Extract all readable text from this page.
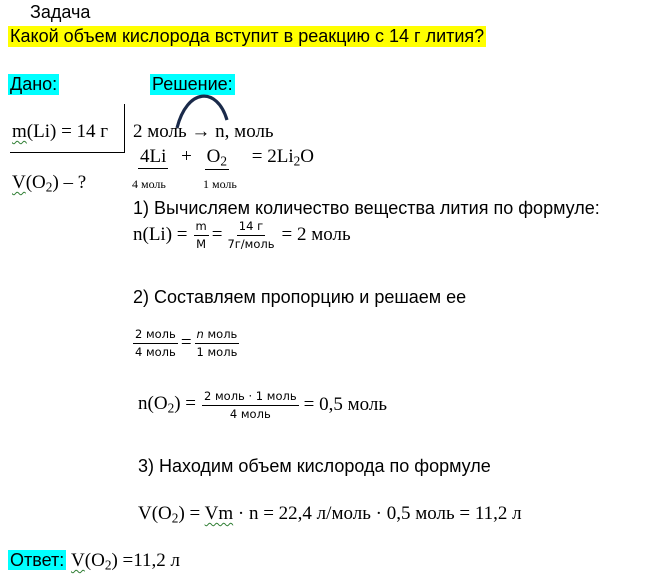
Задача
Какой объем кислорода вступит в реакцию с 14 г лития?
Дано:	Решение:
m(Li) = 14 г
$V(O_2)$ – ?
2 моль → n, моль
$4Li + O_2 = 2Li_2O$
4 моль	1 моль
1) Вычисляем количество вещества лития по формуле:
$n(Li) = \frac{m}{M} = \frac{14 г}{\text{7г/моль}} = 2$ моль
2) Составляем пропорцию и решаем ее
$\frac{\text{2 моль}}{\text{4 моль}} = \frac{\text{n моль}}{\text{1 моль}}$
$n(O_2) = \frac{\text{2 моль · 1 моль}}{\text{4 моль}} = 0,5$ моль
3) Находим объем кислорода по формуле
$V(O_2) = Vm \cdot n = 22,4$ л/моль · 0,5 моль = 11,2 л
Ответ: $V(O_2) =11,2$ л
